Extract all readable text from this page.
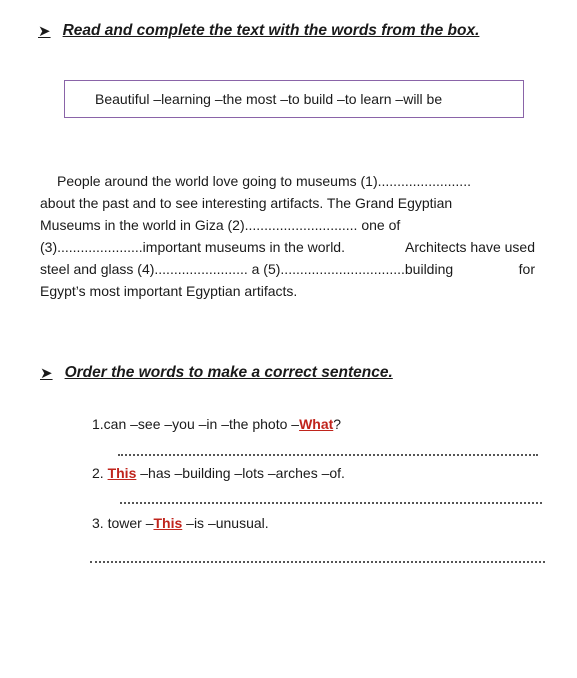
➤ Read and complete the text with the words from the box.
Beautiful –learning –the most –to build –to learn –will be
People around the world love going to museums (1)........................
about the past and to see interesting artifacts. The Grand Egyptian
Museums in the world in Giza (2)............................. one of
(3)......................important museums in the world.	Architects have used
steel and glass (4)........................ a (5)................................building	for
Egypt’s most important Egyptian artifacts.
➤ Order the words to make a correct sentence.
1.can –see –you –in –the photo –What?
2. This –has –building –lots –arches –of.
3. tower –This –is –unusual.
